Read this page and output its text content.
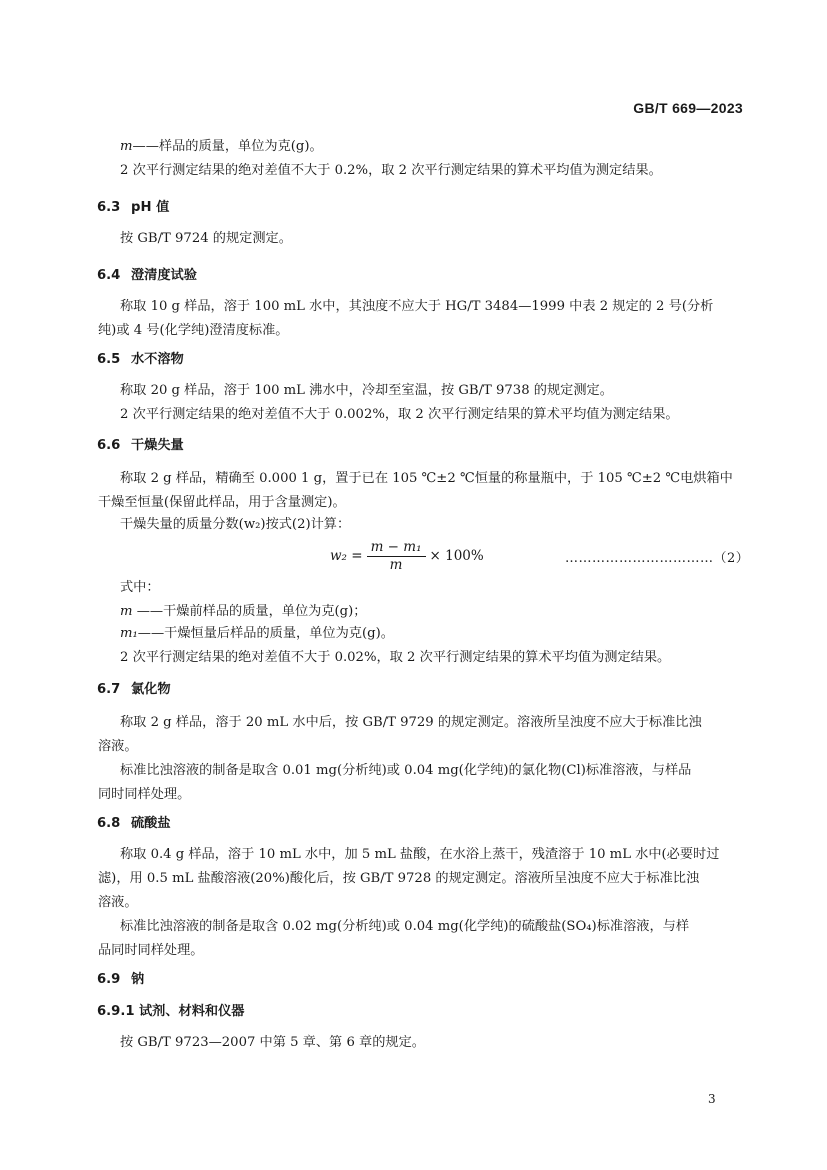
GB/T 669—2023

m——样品的质量，单位为克(g)。

2 次平行测定结果的绝对差值不大于 0.2%，取 2 次平行测定结果的算术平均值为测定结果。

6.3 pH 值

按 GB/T 9724 的规定测定。

6.4 澄清度试验

称取 10 g 样品，溶于 100 mL 水中，其浊度不应大于 HG/T 3484—1999 中表 2 规定的 2 号(分析

纯)或 4 号(化学纯)澄清度标准。

6.5 水不溶物

称取 20 g 样品，溶于 100 mL 沸水中，冷却至室温，按 GB/T 9738 的规定测定。

2 次平行测定结果的绝对差值不大于 0.002%，取 2 次平行测定结果的算术平均值为测定结果。

6.6 干燥失量

称取 2 g 样品，精确至 0.000 1 g，置于已在 105 ℃±2 ℃恒量的称量瓶中，于 105 ℃±2 ℃电烘箱中

干燥至恒量(保留此样品，用于含量测定)。

干燥失量的质量分数(w₂)按式(2)计算：

$w_2 = \frac{\text{m − m₁}}{m} \times 100\%$	……………………………（2）

式中：

m ——干燥前样品的质量，单位为克(g)；

m₁——干燥恒量后样品的质量，单位为克(g)。

2 次平行测定结果的绝对差值不大于 0.02%，取 2 次平行测定结果的算术平均值为测定结果。

6.7 氯化物

称取 2 g 样品，溶于 20 mL 水中后，按 GB/T 9729 的规定测定。溶液所呈浊度不应大于标准比浊

溶液。

标准比浊溶液的制备是取含 0.01 mg(分析纯)或 0.04 mg(化学纯)的氯化物(Cl)标准溶液，与样品

同时同样处理。

6.8 硫酸盐

称取 0.4 g 样品，溶于 10 mL 水中，加 5 mL 盐酸，在水浴上蒸干，残渣溶于 10 mL 水中(必要时过

滤)，用 0.5 mL 盐酸溶液(20%)酸化后，按 GB/T 9728 的规定测定。溶液所呈浊度不应大于标准比浊

溶液。

标准比浊溶液的制备是取含 0.02 mg(分析纯)或 0.04 mg(化学纯)的硫酸盐(SO₄)标准溶液，与样

品同时同样处理。

6.9 钠
6.9.1 试剂、材料和仪器

按 GB/T 9723—2007 中第 5 章、第 6 章的规定。

3
